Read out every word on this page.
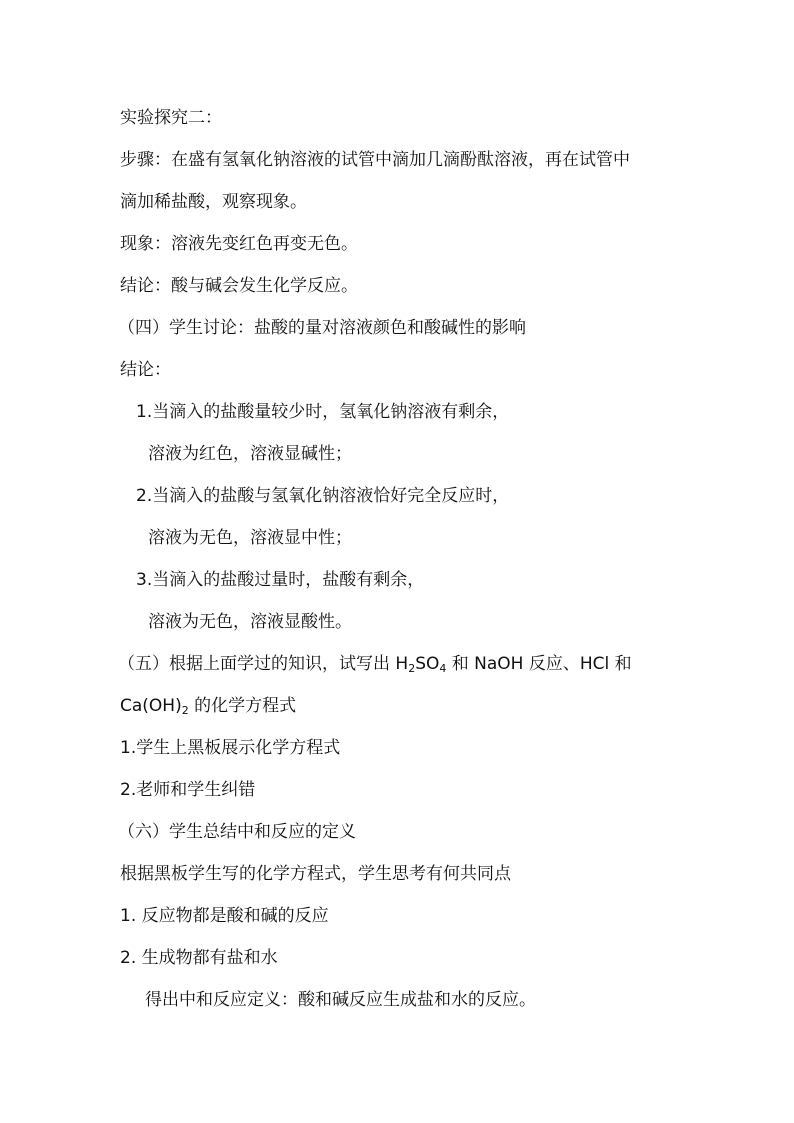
实验探究二：
步骤：在盛有氢氧化钠溶液的试管中滴加几滴酚酞溶液，再在试管中
滴加稀盐酸，观察现象。
现象：溶液先变红色再变无色。
结论：酸与碱会发生化学反应。
（四）学生讨论：盐酸的量对溶液颜色和酸碱性的影响
结论：
1.当滴入的盐酸量较少时，氢氧化钠溶液有剩余，
溶液为红色，溶液显碱性；
2.当滴入的盐酸与氢氧化钠溶液恰好完全反应时，
溶液为无色，溶液显中性；
3.当滴入的盐酸过量时，盐酸有剩余，
溶液为无色，溶液显酸性。
（五）根据上面学过的知识，试写出 $H_2SO_4$ 和 NaOH 反应、HCl 和
$Ca(OH)_2$ 的化学方程式
1.学生上黑板展示化学方程式
2.老师和学生纠错
（六）学生总结中和反应的定义
根据黑板学生写的化学方程式，学生思考有何共同点
1. 反应物都是酸和碱的反应
2. 生成物都有盐和水
得出中和反应定义：酸和碱反应生成盐和水的反应。
